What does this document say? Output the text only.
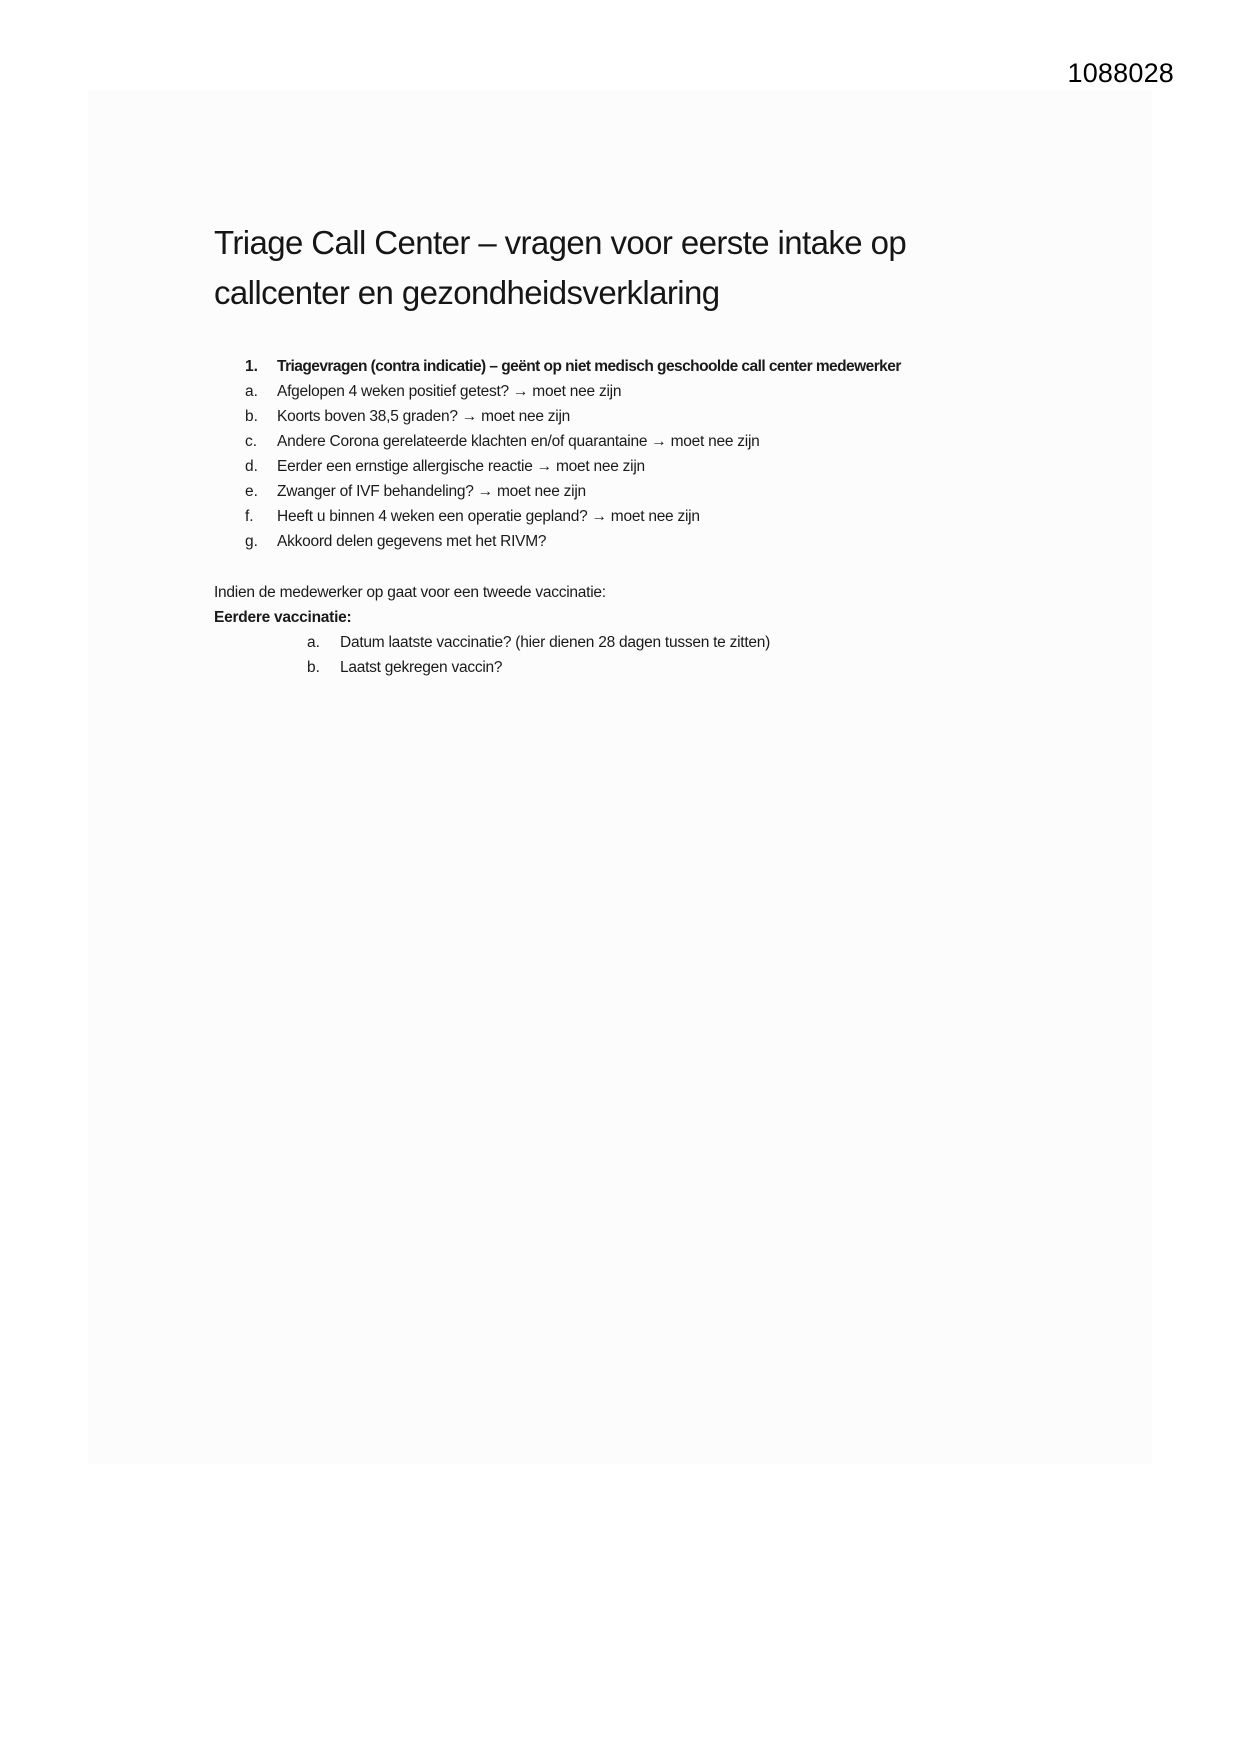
1088028
Triage Call Center – vragen voor eerste intake op
callcenter en gezondheidsverklaring
1. Triagevragen (contra indicatie) – geënt op niet medisch geschoolde call center medewerker
a. Afgelopen 4 weken positief getest? → moet nee zijn
b. Koorts boven 38,5 graden? → moet nee zijn
c. Andere Corona gerelateerde klachten en/of quarantaine → moet nee zijn
d. Eerder een ernstige allergische reactie → moet nee zijn
e. Zwanger of IVF behandeling? → moet nee zijn
f. Heeft u binnen 4 weken een operatie gepland? → moet nee zijn
g. Akkoord delen gegevens met het RIVM?

Indien de medewerker op gaat voor een tweede vaccinatie:

Eerdere vaccinatie:

a. Datum laatste vaccinatie? (hier dienen 28 dagen tussen te zitten)
b. Laatst gekregen vaccin?
